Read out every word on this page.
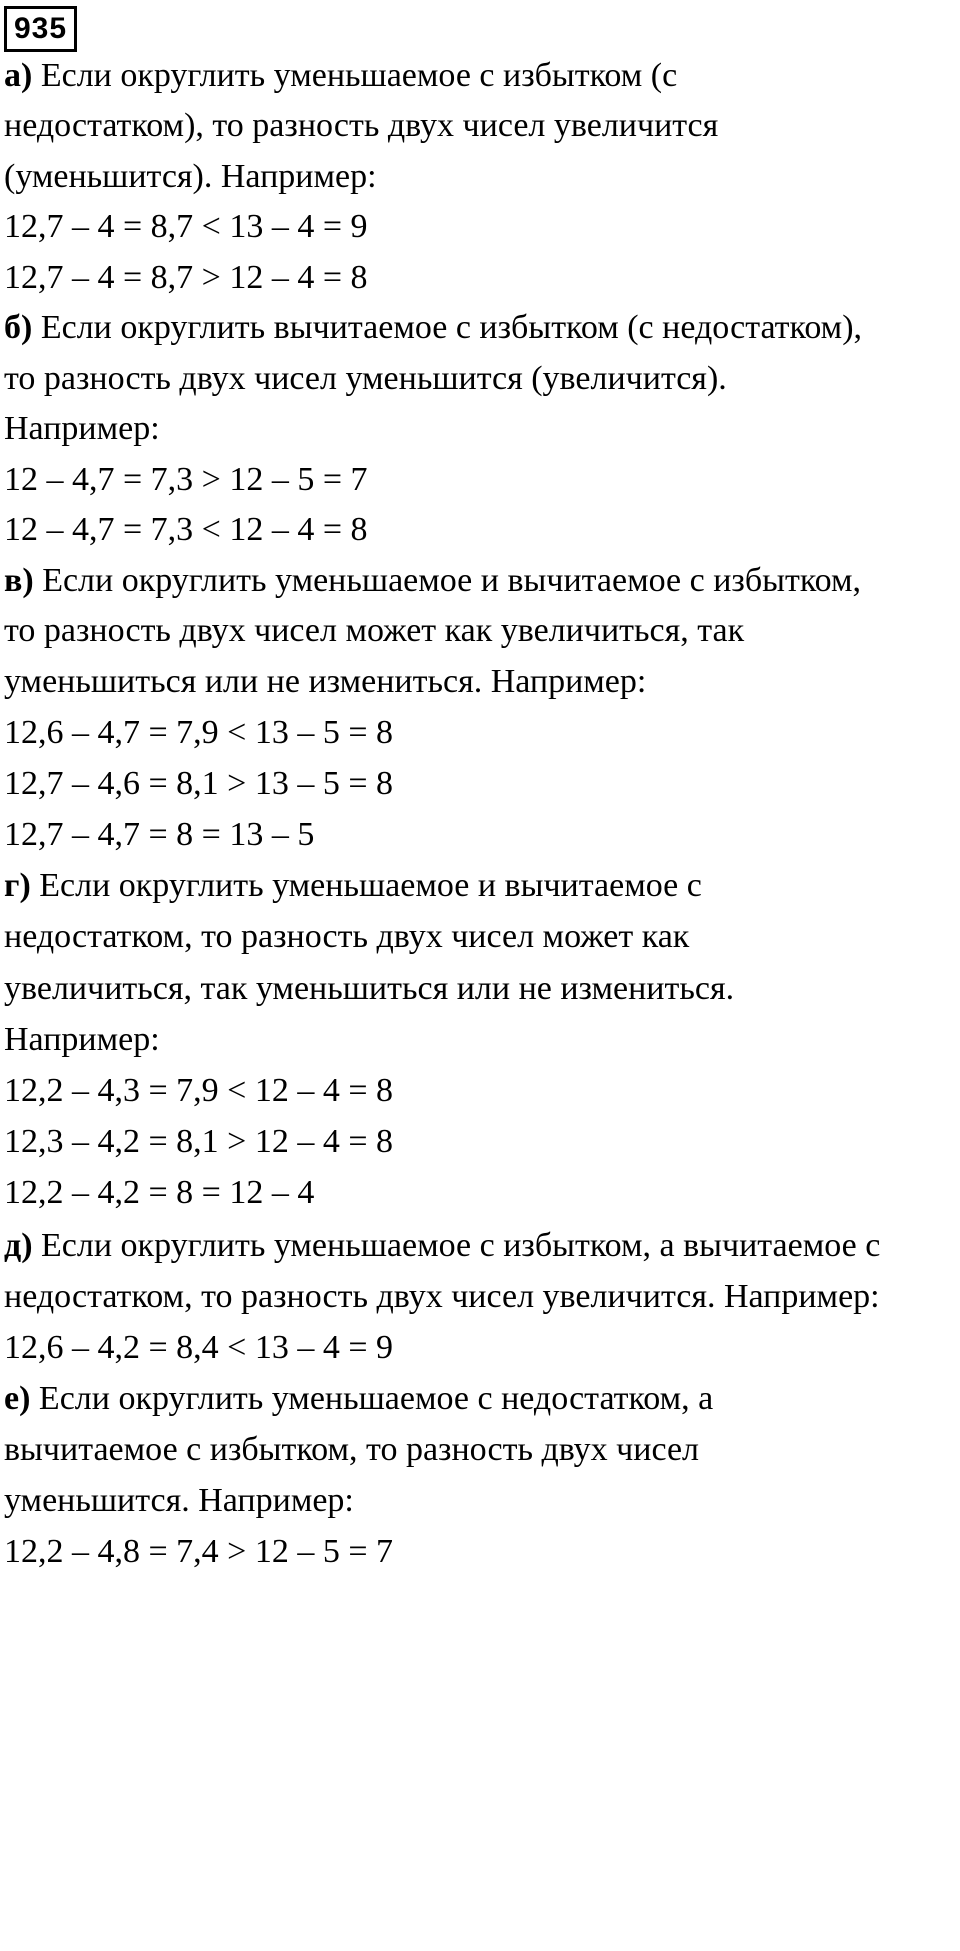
935
а) Если округлить уменьшаемое с избытком (с
недостатком), то разность двух чисел увеличится
(уменьшится). Например:
12,7 – 4 = 8,7 < 13 – 4 = 9
12,7 – 4 = 8,7 > 12 – 4 = 8
б) Если округлить вычитаемое с избытком (с недостатком),
то разность двух чисел уменьшится (увеличится).
Например:
12 – 4,7 = 7,3 > 12 – 5 = 7
12 – 4,7 = 7,3 < 12 – 4 = 8
в) Если округлить уменьшаемое и вычитаемое с избытком,
то разность двух чисел может как увеличиться, так
уменьшиться или не измениться. Например:
12,6 – 4,7 = 7,9 < 13 – 5 = 8
12,7 – 4,6 = 8,1 > 13 – 5 = 8
12,7 – 4,7 = 8 = 13 – 5
г) Если округлить уменьшаемое и вычитаемое с
недостатком, то разность двух чисел может как
увеличиться, так уменьшиться или не измениться.
Например:
12,2 – 4,3 = 7,9 < 12 – 4 = 8
12,3 – 4,2 = 8,1 > 12 – 4 = 8
12,2 – 4,2 = 8 = 12 – 4
д) Если округлить уменьшаемое с избытком, а вычитаемое с
недостатком, то разность двух чисел увеличится. Например:
12,6 – 4,2 = 8,4 < 13 – 4 = 9
е) Если округлить уменьшаемое с недостатком, а
вычитаемое с избытком, то разность двух чисел
уменьшится. Например:
12,2 – 4,8 = 7,4 > 12 – 5 = 7
